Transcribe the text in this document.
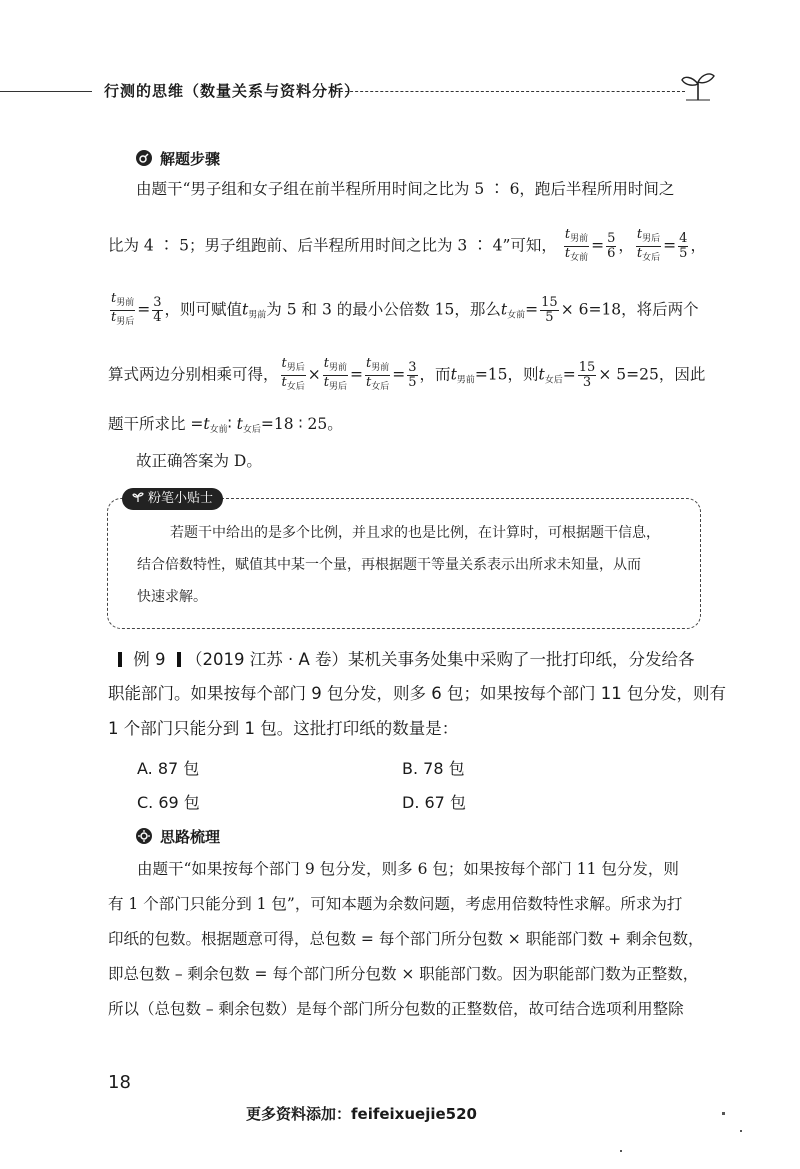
行测的思维（数量关系与资料分析）
解题步骤
由题干“男子组和女子组在前半程所用时间之比为 5 ∶ 6，跑后半程所用时间之
比为 4 ∶ 5；男子组跑前、后半程所用时间之比为 3 ∶ 4”可知， $\frac{t_{男前}}{t_{女前}} = \frac{5}{6}$ ， $\frac{t_{男后}}{t_{女后}} = \frac{4}{5}$ ，
$\frac{t_{男前}}{t_{男后}} = \frac{3}{4}$ ，则可赋值$t_{男前}$为 5 和 3 的最小公倍数 15，那么$t_{女前}= \frac{15}{5} \times 6=18$，将后两个
算式两边分别相乘可得， $\frac{t_{男后}}{t_{女后}} \times \frac{t_{男前}}{t_{男后}} = \frac{t_{男前}}{t_{女后}} = \frac{3}{5}$ ，而$t_{男前}=15$，则$t_{女后}= \frac{15}{3} \times 5=25$，因此
题干所求比 $=t_{女前}∶$ $t_{女后}=18$ ∶ 25。
故正确答案为 D。
粉笔小贴士
若题干中给出的是多个比例，并且求的也是比例，在计算时，可根据题干信息，
结合倍数特性，赋值其中某一个量，再根据题干等量关系表示出所求未知量，从而
快速求解。
例 9 （2019 江苏 · A 卷）某机关事务处集中采购了一批打印纸，分发给各
职能部门。如果按每个部门 9 包分发，则多 6 包；如果按每个部门 11 包分发，则有
1 个部门只能分到 1 包。这批打印纸的数量是：
A. 87 包	B. 78 包
C. 69 包	D. 67 包
思路梳理
由题干“如果按每个部门 9 包分发，则多 6 包；如果按每个部门 11 包分发，则
有 1 个部门只能分到 1 包”，可知本题为余数问题，考虑用倍数特性求解。所求为打
印纸的包数。根据题意可得，总包数 = 每个部门所分包数 × 职能部门数 + 剩余包数，
即总包数 – 剩余包数 = 每个部门所分包数 × 职能部门数。因为职能部门数为正整数，
所以（总包数 – 剩余包数）是每个部门所分包数的正整数倍，故可结合选项利用整除
18
更多资料添加：feifeixuejie520
